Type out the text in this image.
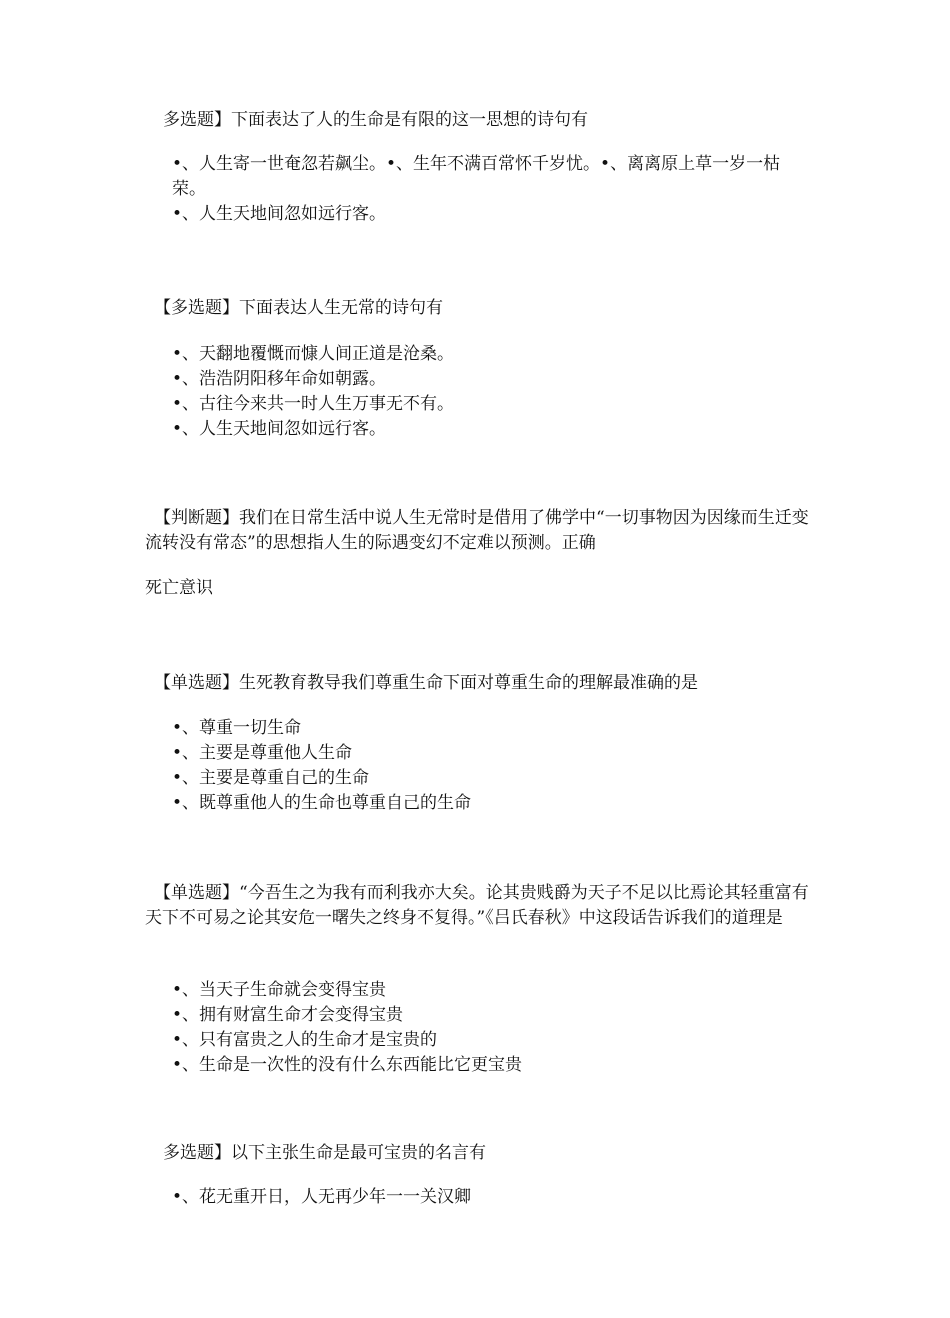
多选题】下面表达了人的生命是有限的这一思想的诗句有

•、人生寄一世奄忽若飙尘。•、生年不满百常怀千岁忧。•、离离原上草一岁一枯荣。
•、人生天地间忽如远行客。

【多选题】下面表达人生无常的诗句有

•、天翻地覆慨而慷人间正道是沧桑。
•、浩浩阴阳移年命如朝露。
•、古往今来共一时人生万事无不有。
•、人生天地间忽如远行客。

【判断题】我们在日常生活中说人生无常时是借用了佛学中“一切事物因为因缘而生迁变流转没有常态”的思想指人生的际遇变幻不定难以预测。正确

死亡意识

【单选题】生死教育教导我们尊重生命下面对尊重生命的理解最准确的是

•、尊重一切生命
•、主要是尊重他人生命
•、主要是尊重自己的生命
•、既尊重他人的生命也尊重自己的生命

【单选题】“今吾生之为我有而利我亦大矣。论其贵贱爵为天子不足以比焉论其轻重富有天下不可易之论其安危一曙失之终身不复得。”《吕氏春秋》中这段话告诉我们的道理是

•、当天子生命就会变得宝贵
•、拥有财富生命才会变得宝贵
•、只有富贵之人的生命才是宝贵的
•、生命是一次性的没有什么东西能比它更宝贵

多选题】以下主张生命是最可宝贵的名言有

•、花无重开日，人无再少年一一关汉卿
